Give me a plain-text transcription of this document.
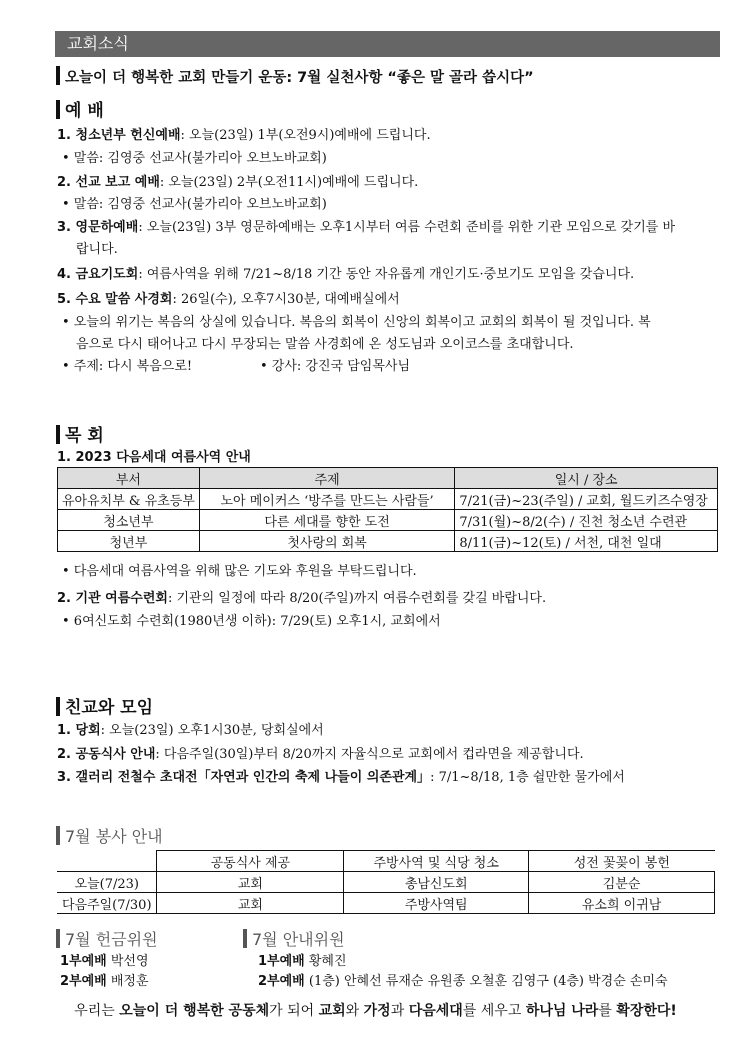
교회소식
오늘이 더 행복한 교회 만들기 운동: 7월 실천사항 “좋은 말 골라 씁시다”
예 배
1. 청소년부 헌신예배: 오늘(23일) 1부(오전9시)예배에 드립니다.
• 말씀: 김영중 선교사(불가리아 오브노바교회)
2. 선교 보고 예배: 오늘(23일) 2부(오전11시)예배에 드립니다.
• 말씀: 김영중 선교사(불가리아 오브노바교회)
3. 영문하예배: 오늘(23일) 3부 영문하예배는 오후1시부터 여름 수련회 준비를 위한 기관 모임으로 갖기를 바
랍니다.
4. 금요기도회: 여름사역을 위해 7/21~8/18 기간 동안 자유롭게 개인기도·중보기도 모임을 갖습니다.
5. 수요 말씀 사경회: 26일(수), 오후7시30분, 대예배실에서
• 오늘의 위기는 복음의 상실에 있습니다. 복음의 회복이 신앙의 회복이고 교회의 회복이 될 것입니다. 복
음으로 다시 태어나고 다시 무장되는 말씀 사경회에 온 성도님과 오이코스를 초대합니다.
• 주제: 다시 복음으로!	• 강사: 강진국 담임목사님
목 회
1. 2023 다음세대 여름사역 안내
부서	주제	일시 / 장소
유아유치부 & 유초등부	노아 메이커스 ‘방주를 만드는 사람들’	7/21(금)~23(주일) / 교회, 월드키즈수영장
청소년부	다른 세대를 향한 도전	7/31(월)~8/2(수) / 진천 청소년 수련관
청년부	첫사랑의 회복	8/11(금)~12(토) / 서천, 대천 일대
• 다음세대 여름사역을 위해 많은 기도와 후원을 부탁드립니다.
2. 기관 여름수련회: 기관의 일정에 따라 8/20(주일)까지 여름수련회를 갖길 바랍니다.
• 6여신도회 수련회(1980년생 이하): 7/29(토) 오후1시, 교회에서
친교와 모임
1. 당회: 오늘(23일) 오후1시30분, 당회실에서
2. 공동식사 안내: 다음주일(30일)부터 8/20까지 자율식으로 교회에서 컵라면을 제공합니다.
3. 갤러리 전철수 초대전「자연과 인간의 축제 나들이 의존관계」: 7/1~8/18, 1층 쉴만한 물가에서
7월 봉사 안내
	공동식사 제공	주방사역 및 식당 청소	성전 꽃꽂이 봉헌
오늘(7/23)	교회	총남신도회	김분순
다음주일(7/30)	교회	주방사역팀	유소희 이귀남
7월 헌금위원
1부예배 박선영
2부예배 배정훈
7월 안내위원
1부예배 황혜진
2부예배 (1층) 안혜선 류재순 유원종 오철훈 김영구 (4층) 박경순 손미숙
우리는 오늘이 더 행복한 공동체가 되어 교회와 가정과 다음세대를 세우고 하나님 나라를 확장한다!
